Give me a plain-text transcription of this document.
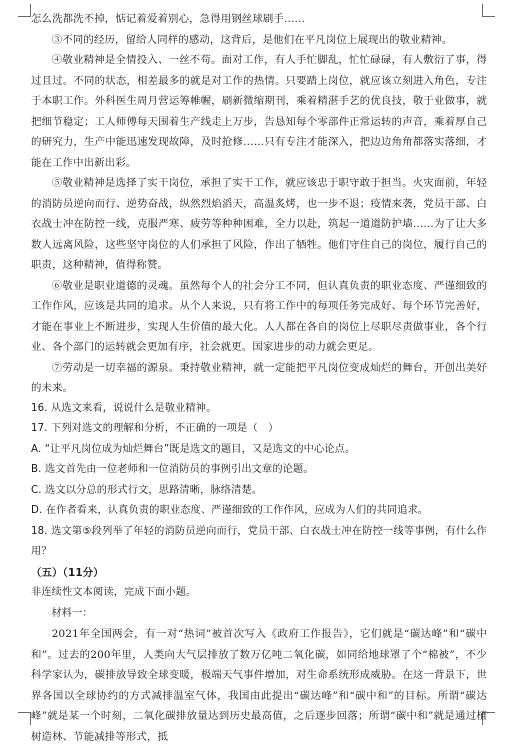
怎么洗都洗不掉，惦记着爱着别心，急得用钢丝球刷手……

③不同的经历，留给人同样的感动，这背后，是他们在平凡岗位上展现出的敬业精神。

④敬业精神是全情投入、一丝不苟。面对工作，有人手忙脚乱，忙忙碌碌，有人敷衍了事，得过且过。不同的状态，相差最多的就是对工作的热情。只要踏上岗位，就应该立刻进入角色，专注于本职工作。外科医生周月营运筹帷幄，刷新微缩期刊，乘着精湛手艺的优良技，敬于业做事，就把细节稳定；工人师傅每天围着生产线走上万步，告恳知每个零部件正常运转的声音，乘着厚自己的研究力，生产中能迅速发现故障，及时抢修……只有专注才能深入，把边边角角都落实落细，才能在工作中出新出彩。

⑤敬业精神是选择了实干岗位，承担了实干工作，就应该忠于职守敢于担当。火灾面前，年轻的消防员逆向而行、逆势奋战，纵然烈焰滔天，高温炙烤，也一步不退；疫情来袭，党员干部、白衣战士冲在防控一线，克服严寒、疲劳等种种困难，全力以赴，筑起一道道防护墙……为了让大多数人远离风险，这些坚守岗位的人们承担了风险，作出了牺牲。他们守住自己的岗位，履行自己的职责，这种精神，值得称赞。

⑥敬业是职业道德的灵魂。虽然每个人的社会分工不同，但认真负责的职业态度、严谨细致的工作作风，应该是共同的追求。从个人来说，只有将工作中的每项任务完成好、每个环节完善好，才能在事业上不断进步，实现人生价值的最大化。人人都在各自的岗位上尽职尽责做事业，各个行业、各个部门的运转就会更加有序，社会就更。国家进步的动力就会更足。

⑦劳动是一切幸福的源泉。秉持敬业精神，就一定能把平凡岗位变成灿烂的舞台，开创出美好的未来。

16. 从选文来看，说说什么是敬业精神。

17. 下列对选文的理解和分析，不正确的一项是（　）

A. “让平凡岗位成为灿烂舞台”既是选文的题目，又是选文的中心论点。

B. 选文首先由一位老师和一位消防员的事例引出文章的论题。

C. 选文以分总的形式行文，思路清晰，脉络清楚。

D. 在作者看来，认真负责的职业态度、严谨细致的工作作风，应成为人们的共同追求。

18. 选文第⑤段列举了年轻的消防员逆向而行，党员干部、白衣战士冲在防控一线等事例，有什么作用？

（五）（11分）

非连续性文本阅读，完成下面小题。

材料一：

2021年全国两会，有一对“热词”被首次写入《政府工作报告》，它们就是“碳达峰”和“碳中和”。过去的200年里，人类向大气层排放了数万亿吨二氧化碳，如同给地球罩了个“棉被”，不少科学家认为，碳排放导致全球变暖，极端天气事件增加，对生命系统形成威胁。在这一背景下，世界各国以全球协约的方式减排温室气体，我国由此提出“碳达峰”和“碳中和”的目标。所谓“碳达峰”就是某一个时刻，二氧化碳排放量达到历史最高值，之后逐步回落；所谓“碳中和”就是通过植树造林、节能减排等形式，抵
